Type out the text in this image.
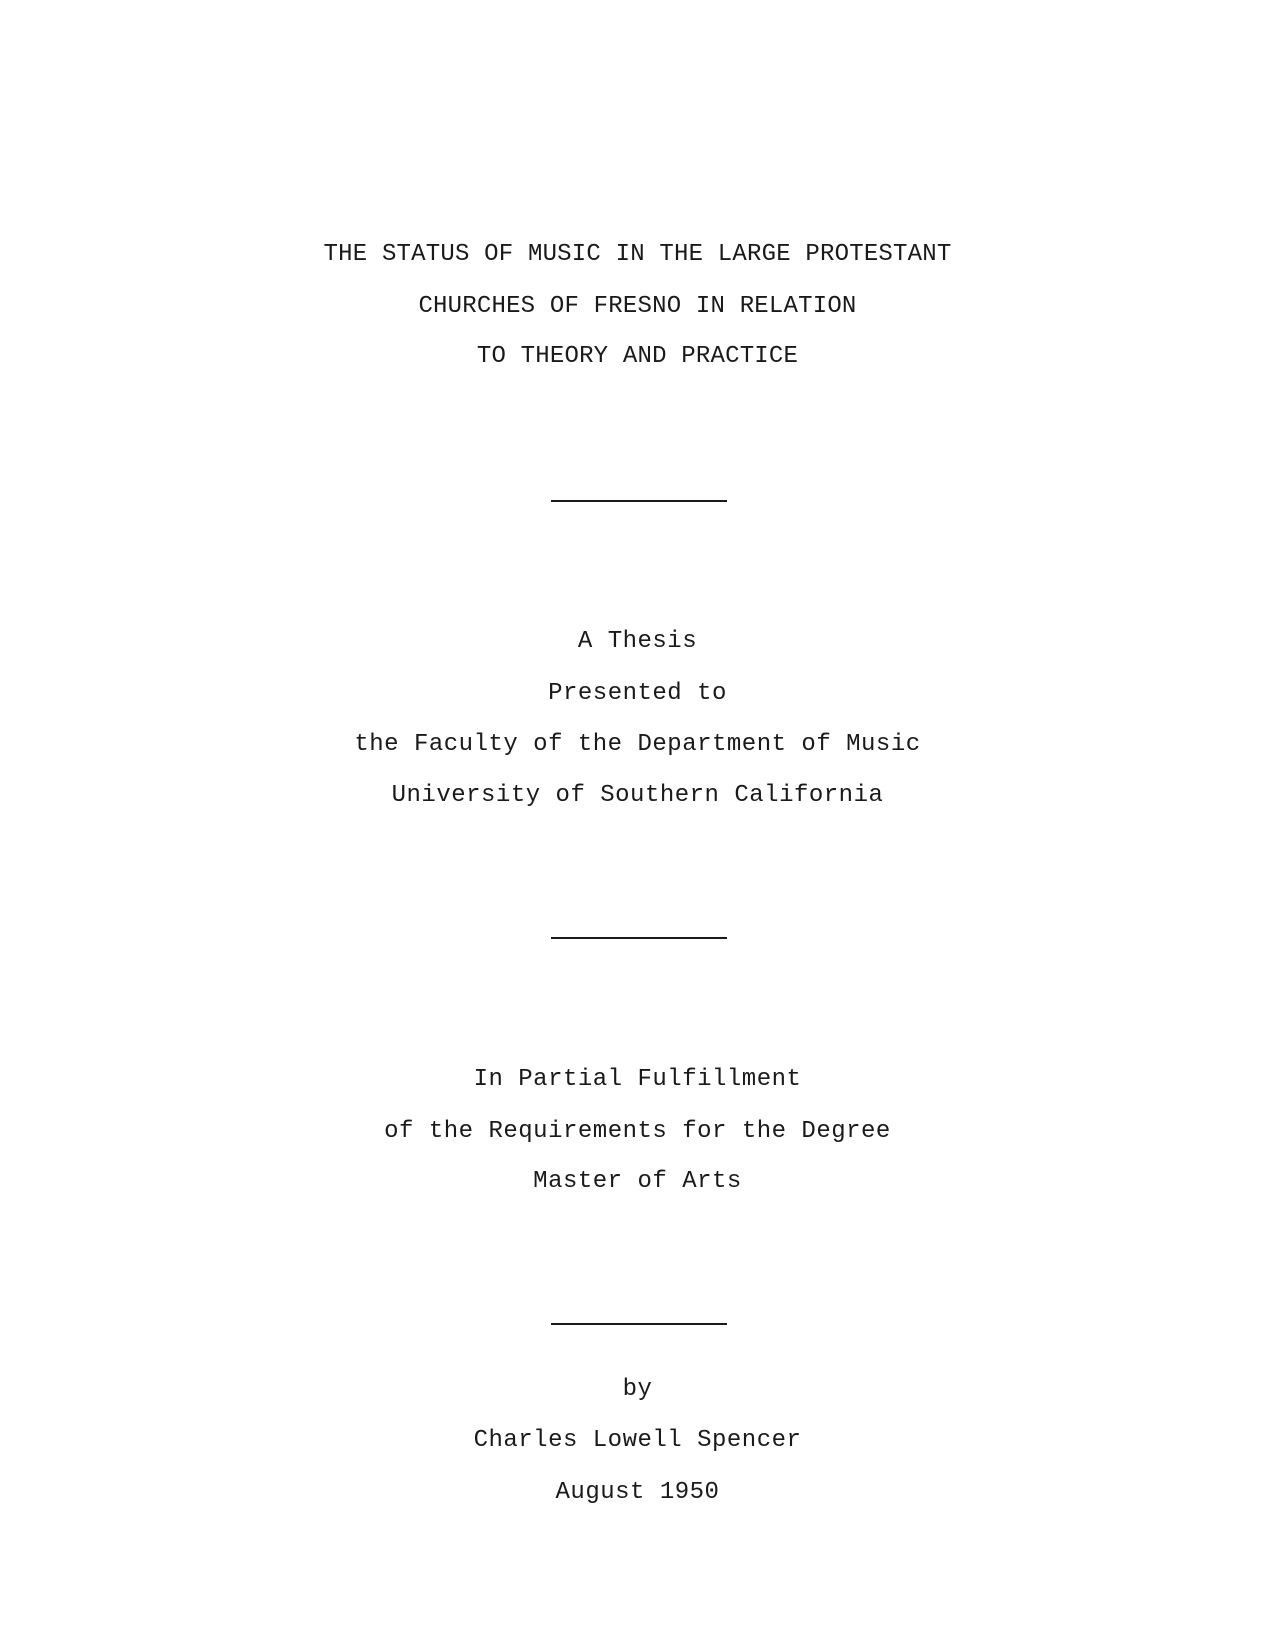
THE STATUS OF MUSIC IN THE LARGE PROTESTANT
CHURCHES OF FRESNO IN RELATION
TO THEORY AND PRACTICE
A Thesis
Presented to
the Faculty of the Department of Music
University of Southern California
In Partial Fulfillment
of the Requirements for the Degree
Master of Arts
by
Charles Lowell Spencer
August 1950
